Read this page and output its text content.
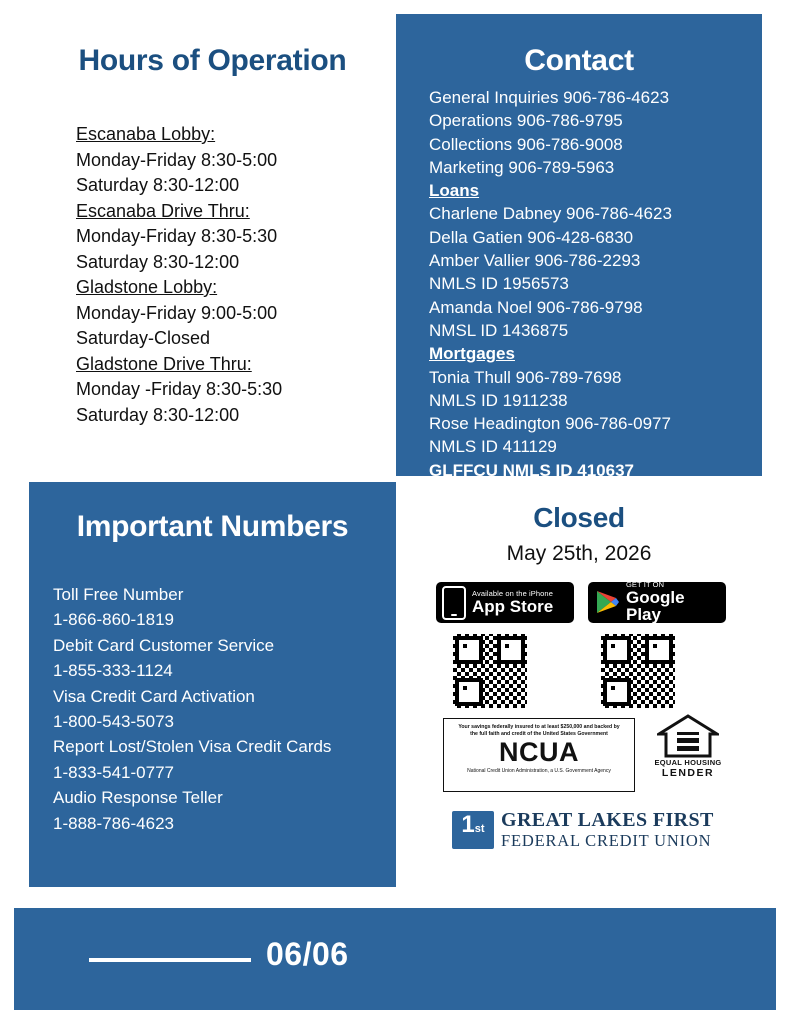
Hours of Operation
Escanaba Lobby:
Monday-Friday 8:30-5:00
Saturday 8:30-12:00
Escanaba Drive Thru:
Monday-Friday 8:30-5:30
Saturday 8:30-12:00
Gladstone Lobby:
Monday-Friday 9:00-5:00
Saturday-Closed
Gladstone Drive Thru:
Monday -Friday 8:30-5:30
Saturday 8:30-12:00
Contact
General Inquiries 906-786-4623
Operations 906-786-9795
Collections 906-786-9008
Marketing 906-789-5963
Loans
Charlene Dabney 906-786-4623
Della Gatien 906-428-6830
Amber Vallier 906-786-2293
NMLS ID 1956573
Amanda Noel 906-786-9798
NMSL ID 1436875
Mortgages
Tonia Thull 906-789-7698
NMLS ID 1911238
Rose Headington 906-786-0977
NMLS ID 411129
GLFFCU NMLS ID 410637
Important Numbers
Toll Free Number
1-866-860-1819
Debit Card Customer Service
1-855-333-1124
Visa Credit Card Activation
1-800-543-5073
Report Lost/Stolen Visa Credit Cards
1-833-541-0777
Audio Response Teller
1-888-786-4623
Closed
May 25th, 2026
Available on the iPhone
App Store
GET IT ON
Google Play
Your savings federally insured to at least $250,000 and backed by the full faith and credit of the United States Government
NCUA
National Credit Union Administration, a U.S. Government Agency
EQUAL HOUSING
LENDER
1 st GREAT LAKES FIRST
FEDERAL CREDIT UNION
06/06
